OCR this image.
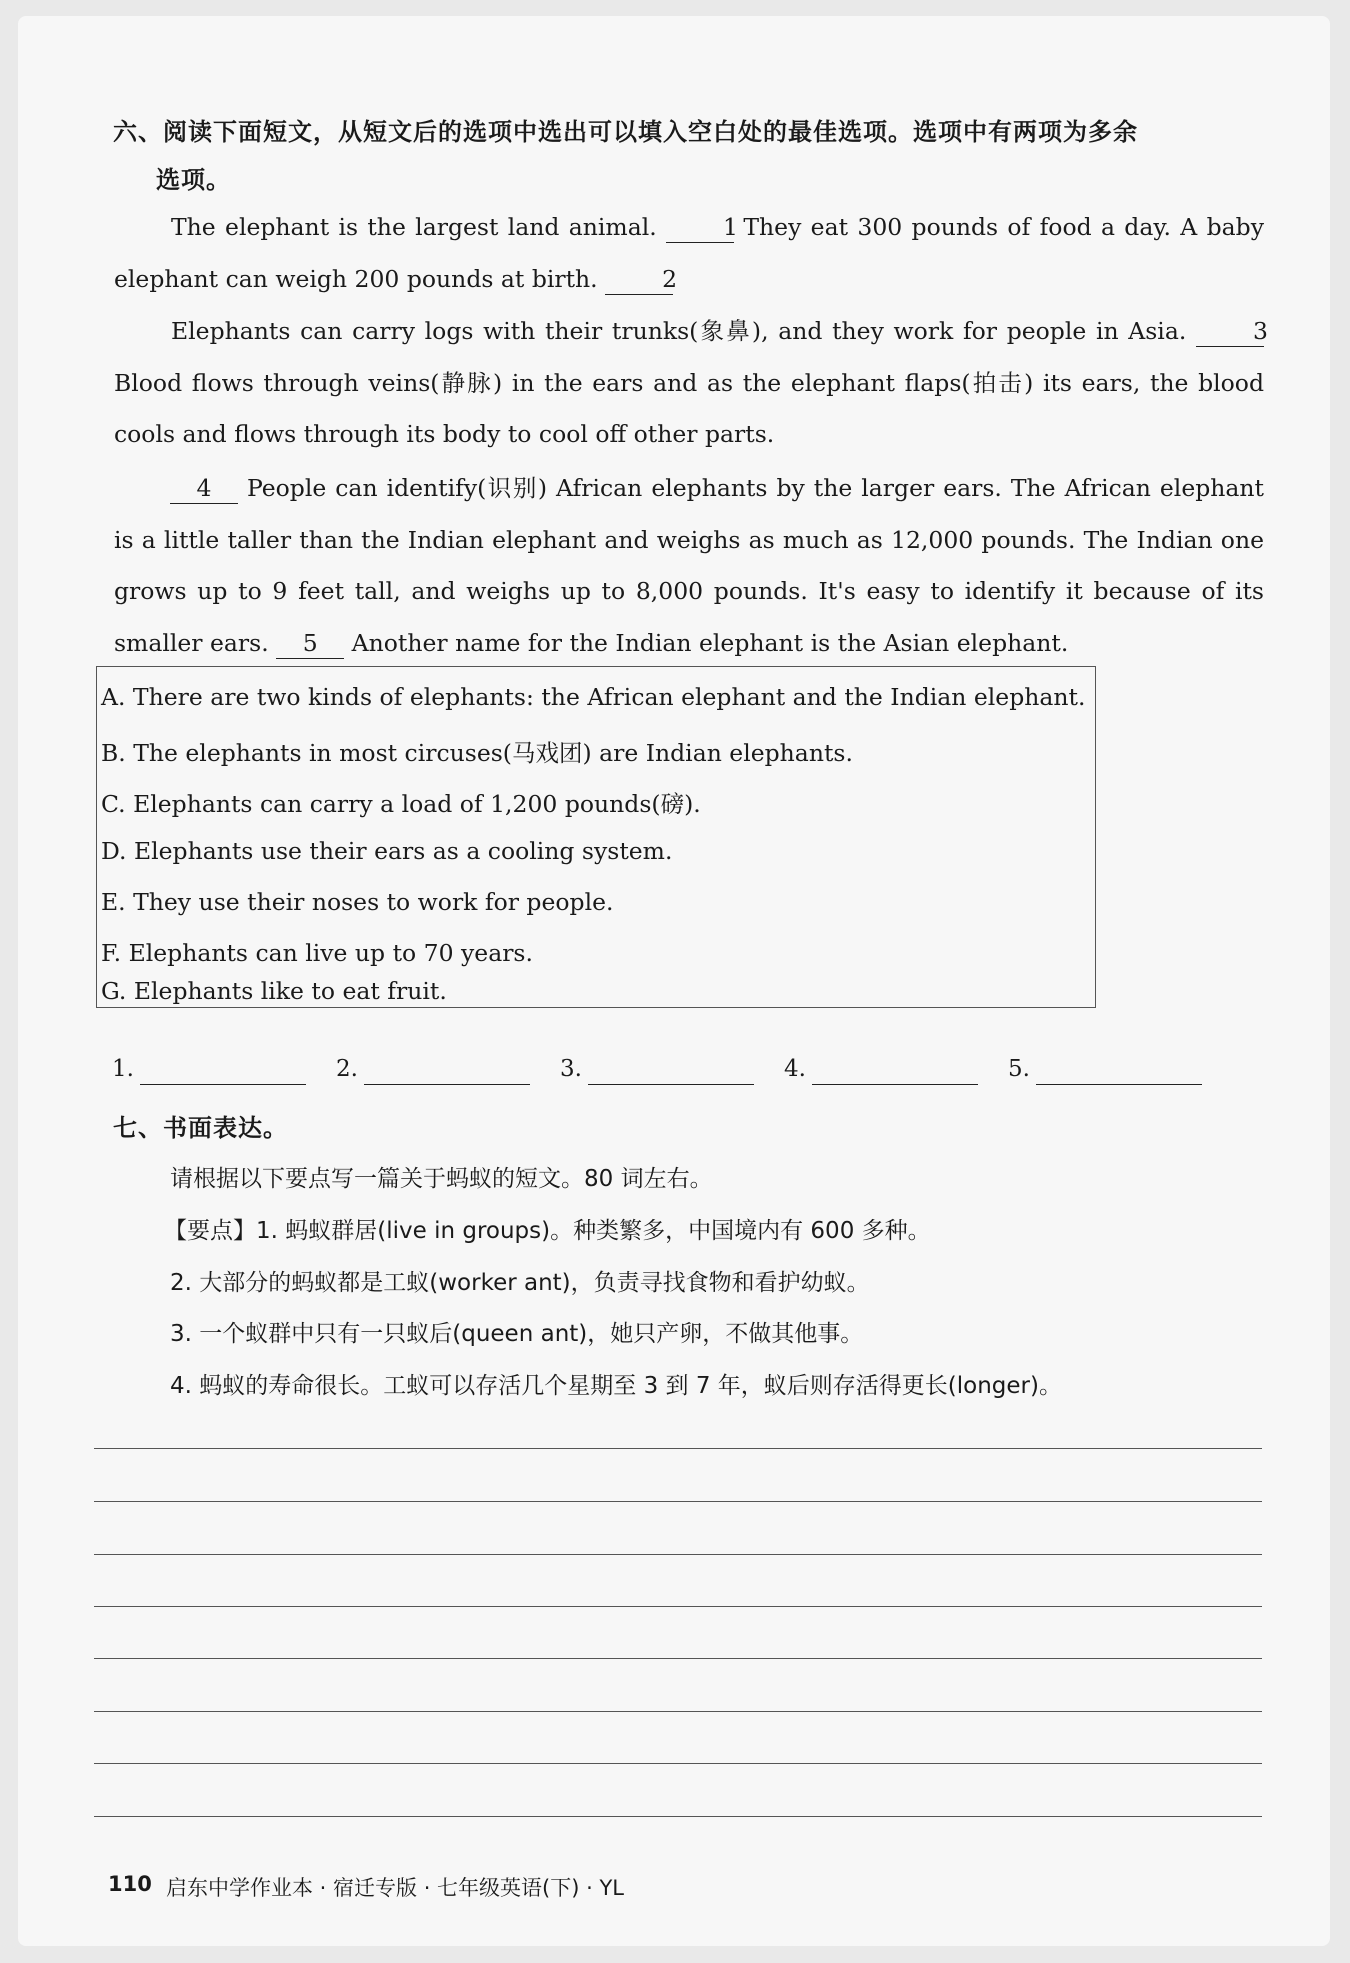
六、阅读下面短文，从短文后的选项中选出可以填入空白处的最佳选项。选项中有两项为多余
选项。
The elephant is the largest land animal.	1 They eat 300 pounds of food a day. A baby elephant can weigh 200 pounds at birth.	2
Elephants can carry logs with their trunks(象鼻), and they work for people in Asia.	3 Blood flows through veins(静脉) in the ears and as the elephant flaps(拍击) its ears, the blood cools and flows through its body to cool off other parts.
4 People can identify(识别) African elephants by the larger ears. The African elephant is a little taller than the Indian elephant and weighs as much as 12,000 pounds. The Indian one grows up to 9 feet tall, and weighs up to 8,000 pounds. It's easy to identify it because of its smaller ears. 5 Another name for the Indian elephant is the Asian elephant.
A. There are two kinds of elephants: the African elephant and the Indian elephant.
B. The elephants in most circuses(马戏团) are Indian elephants.
C. Elephants can carry a load of 1,200 pounds(磅).
D. Elephants use their ears as a cooling system.
E. They use their noses to work for people.
F. Elephants can live up to 70 years.
G. Elephants like to eat fruit.
1.	2.	3.	4.	5.
七、书面表达。
请根据以下要点写一篇关于蚂蚁的短文。80 词左右。
【要点】1. 蚂蚁群居(live in groups)。种类繁多，中国境内有 600 多种。
2. 大部分的蚂蚁都是工蚁(worker ant)，负责寻找食物和看护幼蚁。
3. 一个蚁群中只有一只蚁后(queen ant)，她只产卵，不做其他事。
4. 蚂蚁的寿命很长。工蚁可以存活几个星期至 3 到 7 年，蚁后则存活得更长(longer)。
110 启东中学作业本 · 宿迁专版 · 七年级英语(下) · YL
